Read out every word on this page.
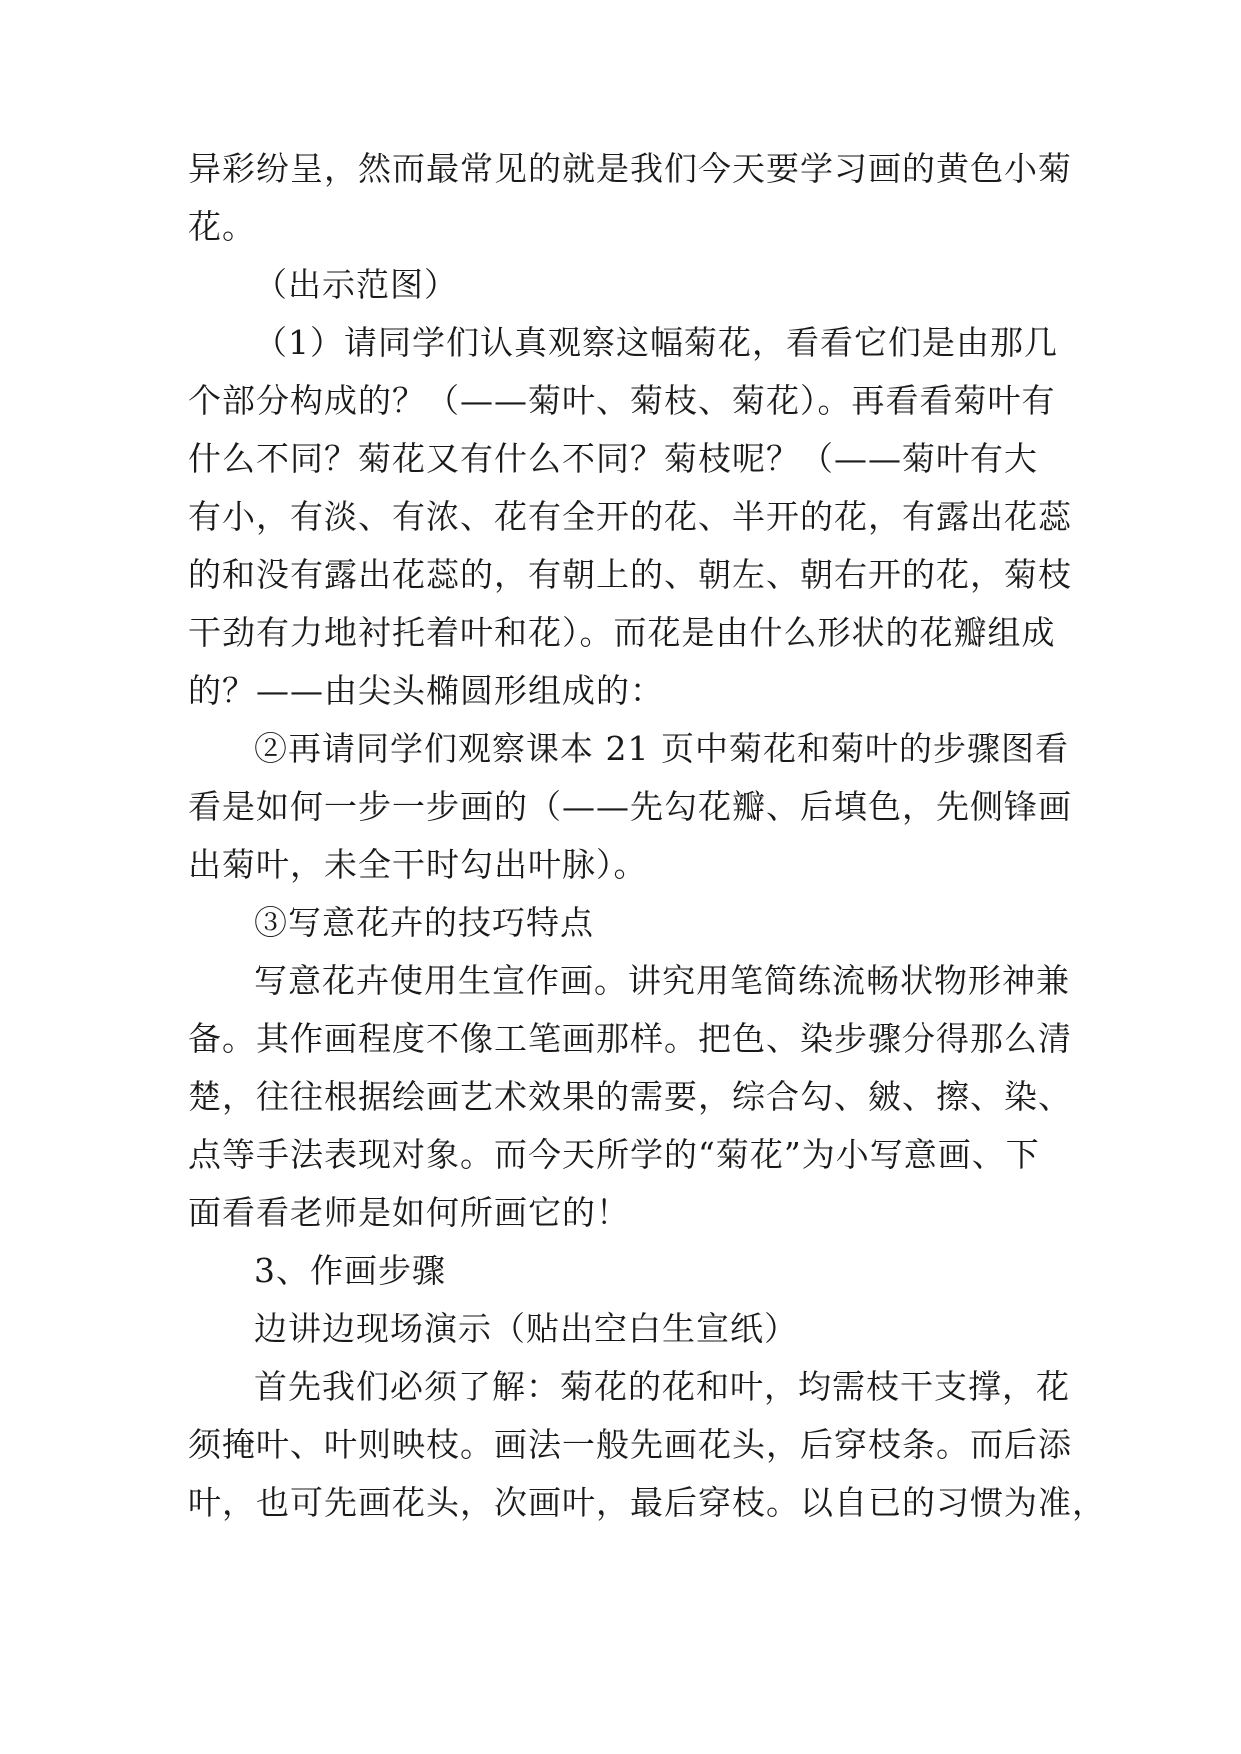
异彩纷呈，然而最常见的就是我们今天要学习画的黄色小菊
花。
（出示范图）
（1）请同学们认真观察这幅菊花，看看它们是由那几
个部分构成的？（——菊叶、菊枝、菊花）。再看看菊叶有
什么不同？菊花又有什么不同？菊枝呢？（——菊叶有大
有小，有淡、有浓、花有全开的花、半开的花，有露出花蕊
的和没有露出花蕊的，有朝上的、朝左、朝右开的花，菊枝
干劲有力地衬托着叶和花）。而花是由什么形状的花瓣组成
的？——由尖头椭圆形组成的：
②再请同学们观察课本 21 页中菊花和菊叶的步骤图看
看是如何一步一步画的（——先勾花瓣、后填色，先侧锋画
出菊叶，未全干时勾出叶脉）。
③写意花卉的技巧特点
写意花卉使用生宣作画。讲究用笔简练流畅状物形神兼
备。其作画程度不像工笔画那样。把色、染步骤分得那么清
楚，往往根据绘画艺术效果的需要，综合勾、皴、擦、染、
点等手法表现对象。而今天所学的“菊花”为小写意画、下
面看看老师是如何所画它的！
3、作画步骤
边讲边现场演示（贴出空白生宣纸）
首先我们必须了解：菊花的花和叶，均需枝干支撑，花
须掩叶、叶则映枝。画法一般先画花头，后穿枝条。而后添
叶，也可先画花头，次画叶，最后穿枝。以自已的习惯为准，
